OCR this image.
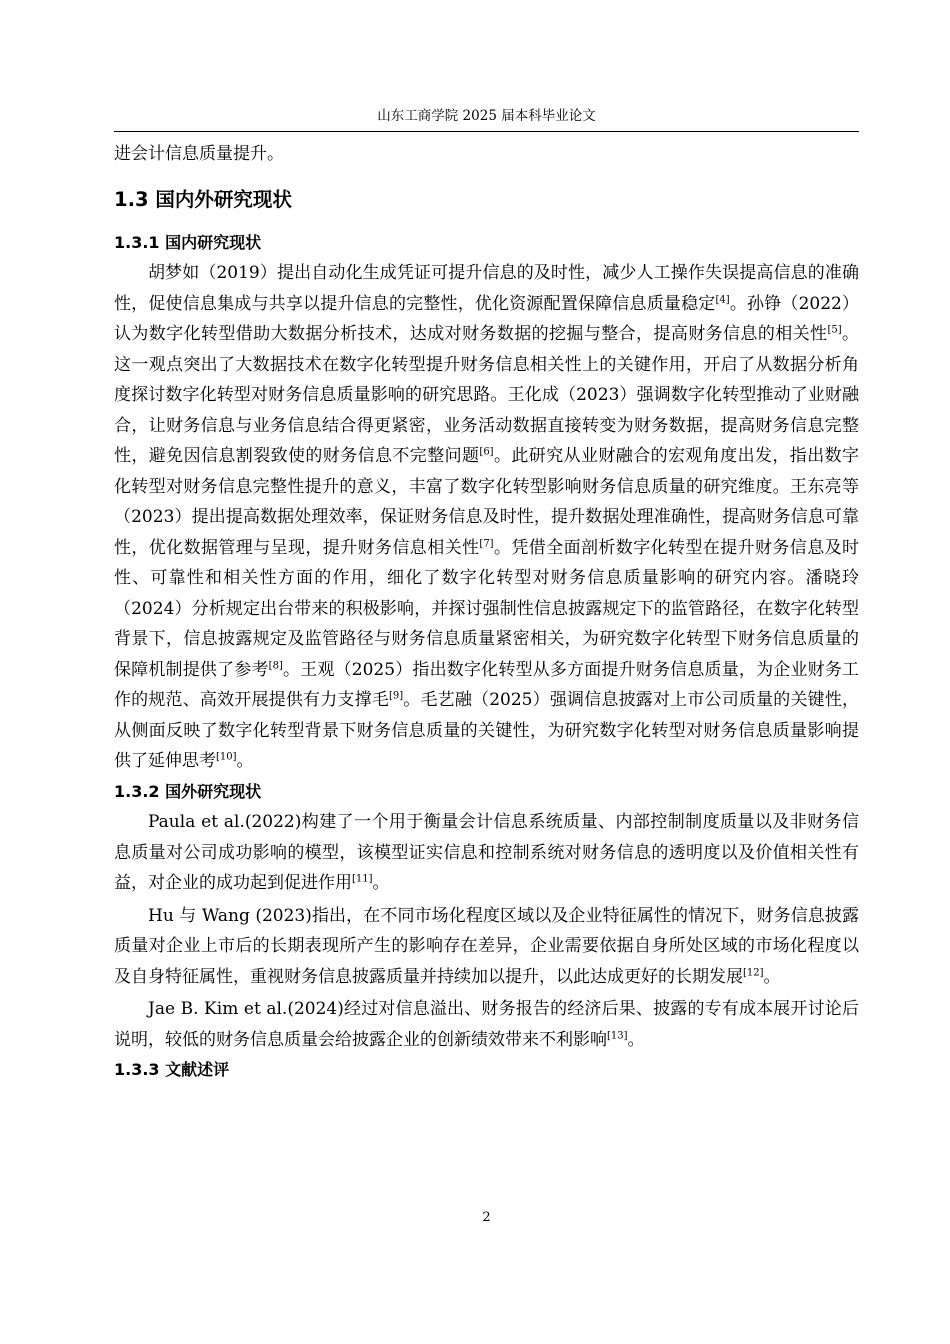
山东工商学院 2025 届本科毕业论文

进会计信息质量提升。

1.3 国内外研究现状
1.3.1 国内研究现状

胡梦如（2019）提出自动化生成凭证可提升信息的及时性，减少人工操作失误提高信息的准确性，促使信息集成与共享以提升信息的完整性，优化资源配置保障信息质量稳定[4]。孙铮（2022）认为数字化转型借助大数据分析技术，达成对财务数据的挖掘与整合，提高财务信息的相关性[5]。这一观点突出了大数据技术在数字化转型提升财务信息相关性上的关键作用，开启了从数据分析角度探讨数字化转型对财务信息质量影响的研究思路。王化成（2023）强调数字化转型推动了业财融合，让财务信息与业务信息结合得更紧密，业务活动数据直接转变为财务数据，提高财务信息完整性，避免因信息割裂致使的财务信息不完整问题[6]。此研究从业财融合的宏观角度出发，指出数字化转型对财务信息完整性提升的意义，丰富了数字化转型影响财务信息质量的研究维度。王东亮等（2023）提出提高数据处理效率，保证财务信息及时性，提升数据处理准确性，提高财务信息可靠性，优化数据管理与呈现，提升财务信息相关性[7]。凭借全面剖析数字化转型在提升财务信息及时性、可靠性和相关性方面的作用，细化了数字化转型对财务信息质量影响的研究内容。潘晓玲（2024）分析规定出台带来的积极影响，并探讨强制性信息披露规定下的监管路径，在数字化转型背景下，信息披露规定及监管路径与财务信息质量紧密相关，为研究数字化转型下财务信息质量的保障机制提供了参考[8]。王观（2025）指出数字化转型从多方面提升财务信息质量，为企业财务工作的规范、高效开展提供有力支撑毛[9]。毛艺融（2025）强调信息披露对上市公司质量的关键性，从侧面反映了数字化转型背景下财务信息质量的关键性，为研究数字化转型对财务信息质量影响提供了延伸思考[10]。

1.3.2 国外研究现状

Paula et al.(2022)构建了一个用于衡量会计信息系统质量、内部控制制度质量以及非财务信息质量对公司成功影响的模型，该模型证实信息和控制系统对财务信息的透明度以及价值相关性有益，对企业的成功起到促进作用[11]。

Hu 与 Wang (2023)指出，在不同市场化程度区域以及企业特征属性的情况下，财务信息披露质量对企业上市后的长期表现所产生的影响存在差异，企业需要依据自身所处区域的市场化程度以及自身特征属性，重视财务信息披露质量并持续加以提升，以此达成更好的长期发展[12]。

Jae B. Kim et al.(2024)经过对信息溢出、财务报告的经济后果、披露的专有成本展开讨论后说明，较低的财务信息质量会给披露企业的创新绩效带来不利影响[13]。

1.3.3 文献述评
2
